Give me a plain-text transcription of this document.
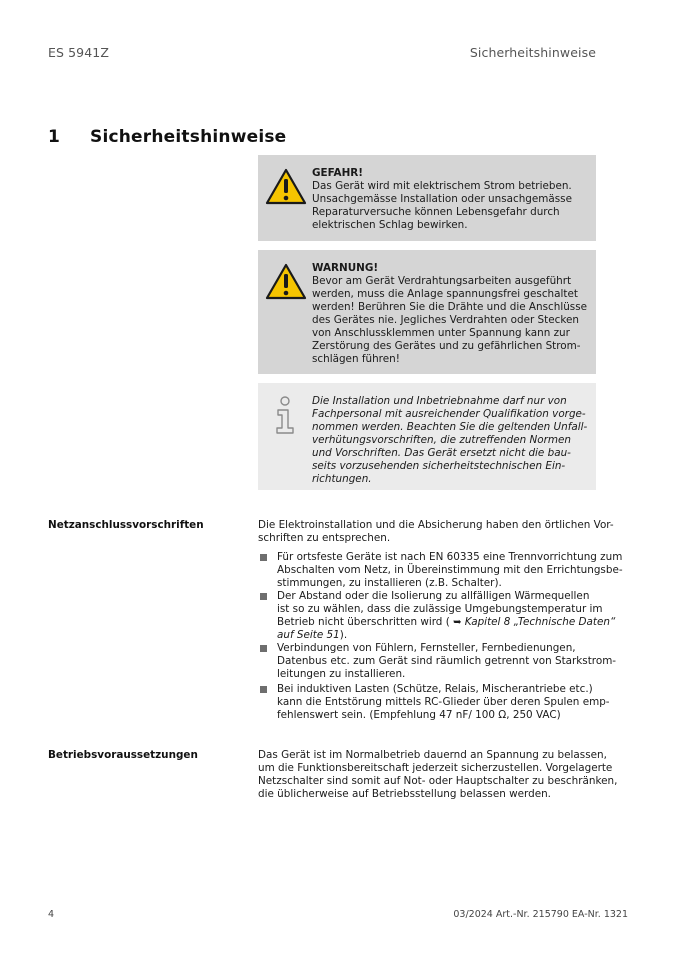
ES 5941Z	Sicherheitshinweise
1 Sicherheitshinweise
GEFAHR!
Das Gerät wird mit elektrischem Strom betrieben.
Unsachgemässe Installation oder unsachgemässe
Reparaturversuche können Lebensgefahr durch
elektrischen Schlag bewirken.
WARNUNG!
Bevor am Gerät Verdrahtungsarbeiten ausgeführt
werden, muss die Anlage spannungsfrei geschaltet
werden! Berühren Sie die Drähte und die Anschlüsse
des Gerätes nie. Jegliches Verdrahten oder Stecken
von Anschlussklemmen unter Spannung kann zur
Zerstörung des Gerätes und zu gefährlichen Strom-
schlägen führen!
Die Installation und Inbetriebnahme darf nur von
Fachpersonal mit ausreichender Qualifikation vorge-
nommen werden. Beachten Sie die geltenden Unfall-
verhütungsvorschriften, die zutreffenden Normen
und Vorschriften. Das Gerät ersetzt nicht die bau-
seits vorzusehenden sicherheitstechnischen Ein-
richtungen.
Netzanschlussvorschriften	Die Elektroinstallation und die Absicherung haben den örtlichen Vor-
schriften zu entsprechen.
Für ortsfeste Geräte ist nach EN 60335 eine Trennvorrichtung zum
Abschalten vom Netz, in Übereinstimmung mit den Errichtungsbe-
stimmungen, zu installieren (z.B. Schalter).
Der Abstand oder die Isolierung zu allfälligen Wärmequellen
ist so zu wählen, dass die zulässige Umgebungstemperatur im
Betrieb nicht überschritten wird ( ➥ Kapitel 8 „Technische Daten“
auf Seite 51).
Verbindungen von Fühlern, Fernsteller, Fernbedienungen,
Datenbus etc. zum Gerät sind räumlich getrennt von Starkstrom-
leitungen zu installieren.
Bei induktiven Lasten (Schütze, Relais, Mischerantriebe etc.)
kann die Entstörung mittels RC-Glieder über deren Spulen emp-
fehlenswert sein. (Empfehlung 47 nF/ 100 Ω, 250 VAC)
Betriebsvoraussetzungen	Das Gerät ist im Normalbetrieb dauernd an Spannung zu belassen,
um die Funktionsbereitschaft jederzeit sicherzustellen. Vorgelagerte
Netzschalter sind somit auf Not- oder Hauptschalter zu beschränken,
die üblicherweise auf Betriebsstellung belassen werden.
4	03/2024 Art.-Nr. 215790 EA-Nr. 1321
